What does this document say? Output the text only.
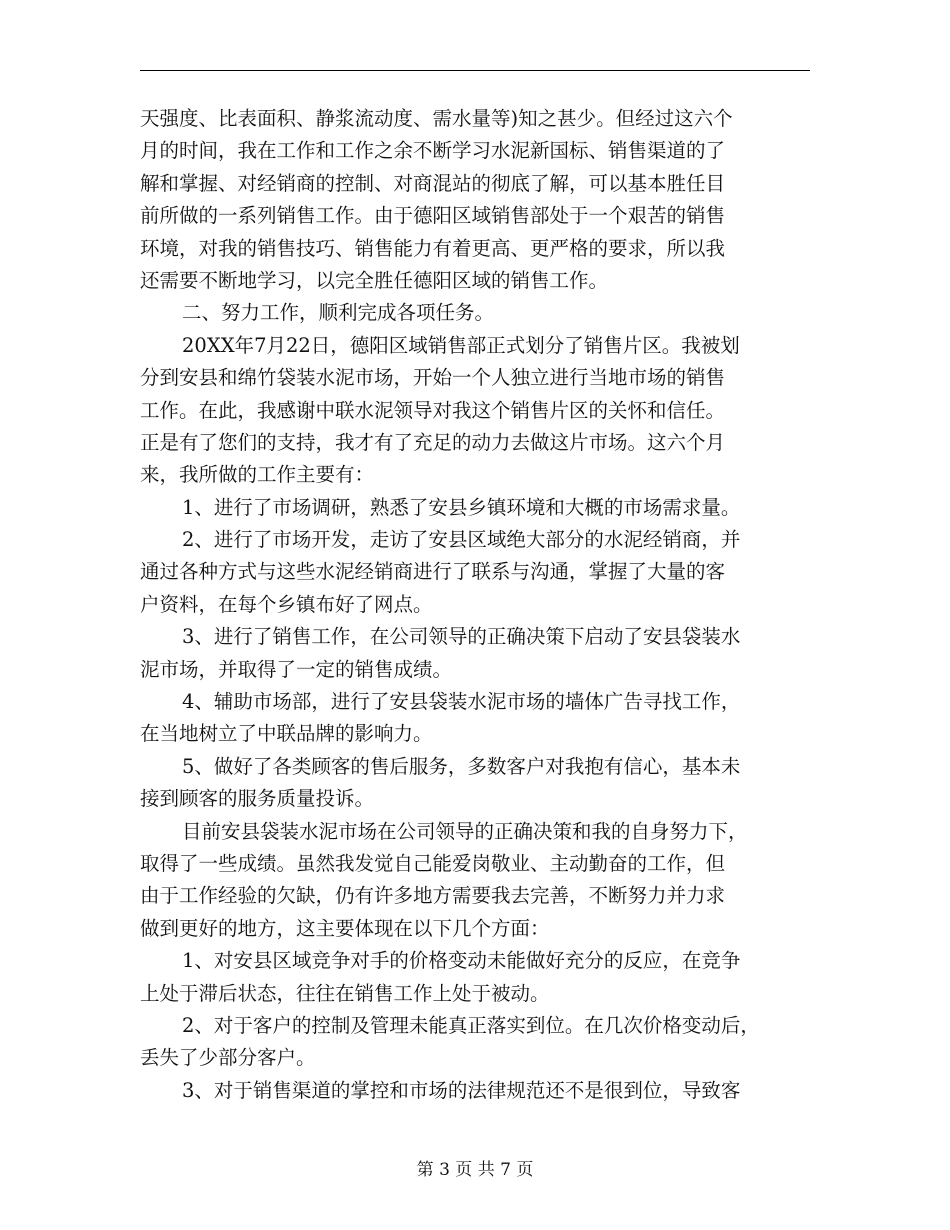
天强度、比表面积、静浆流动度、需水量等)知之甚少。但经过这六个
月的时间，我在工作和工作之余不断学习水泥新国标、销售渠道的了
解和掌握、对经销商的控制、对商混站的彻底了解，可以基本胜任目
前所做的一系列销售工作。由于德阳区域销售部处于一个艰苦的销售
环境，对我的销售技巧、销售能力有着更高、更严格的要求，所以我
还需要不断地学习，以完全胜任德阳区域的销售工作。
二、努力工作，顺利完成各项任务。
20XX年7月22日，德阳区域销售部正式划分了销售片区。我被划
分到安县和绵竹袋装水泥市场，开始一个人独立进行当地市场的销售
工作。在此，我感谢中联水泥领导对我这个销售片区的关怀和信任。
正是有了您们的支持，我才有了充足的动力去做这片市场。这六个月
来，我所做的工作主要有：
1、进行了市场调研，熟悉了安县乡镇环境和大概的市场需求量。
2、进行了市场开发，走访了安县区域绝大部分的水泥经销商，并
通过各种方式与这些水泥经销商进行了联系与沟通，掌握了大量的客
户资料，在每个乡镇布好了网点。
3、进行了销售工作，在公司领导的正确决策下启动了安县袋装水
泥市场，并取得了一定的销售成绩。
4、辅助市场部，进行了安县袋装水泥市场的墙体广告寻找工作，
在当地树立了中联品牌的影响力。
5、做好了各类顾客的售后服务，多数客户对我抱有信心，基本未
接到顾客的服务质量投诉。
目前安县袋装水泥市场在公司领导的正确决策和我的自身努力下，
取得了一些成绩。虽然我发觉自己能爱岗敬业、主动勤奋的工作，但
由于工作经验的欠缺，仍有许多地方需要我去完善，不断努力并力求
做到更好的地方，这主要体现在以下几个方面：
1、对安县区域竞争对手的价格变动未能做好充分的反应，在竞争
上处于滞后状态，往往在销售工作上处于被动。
2、对于客户的控制及管理未能真正落实到位。在几次价格变动后，
丢失了少部分客户。
3、对于销售渠道的掌控和市场的法律规范还不是很到位，导致客
第 3 页 共 7 页
